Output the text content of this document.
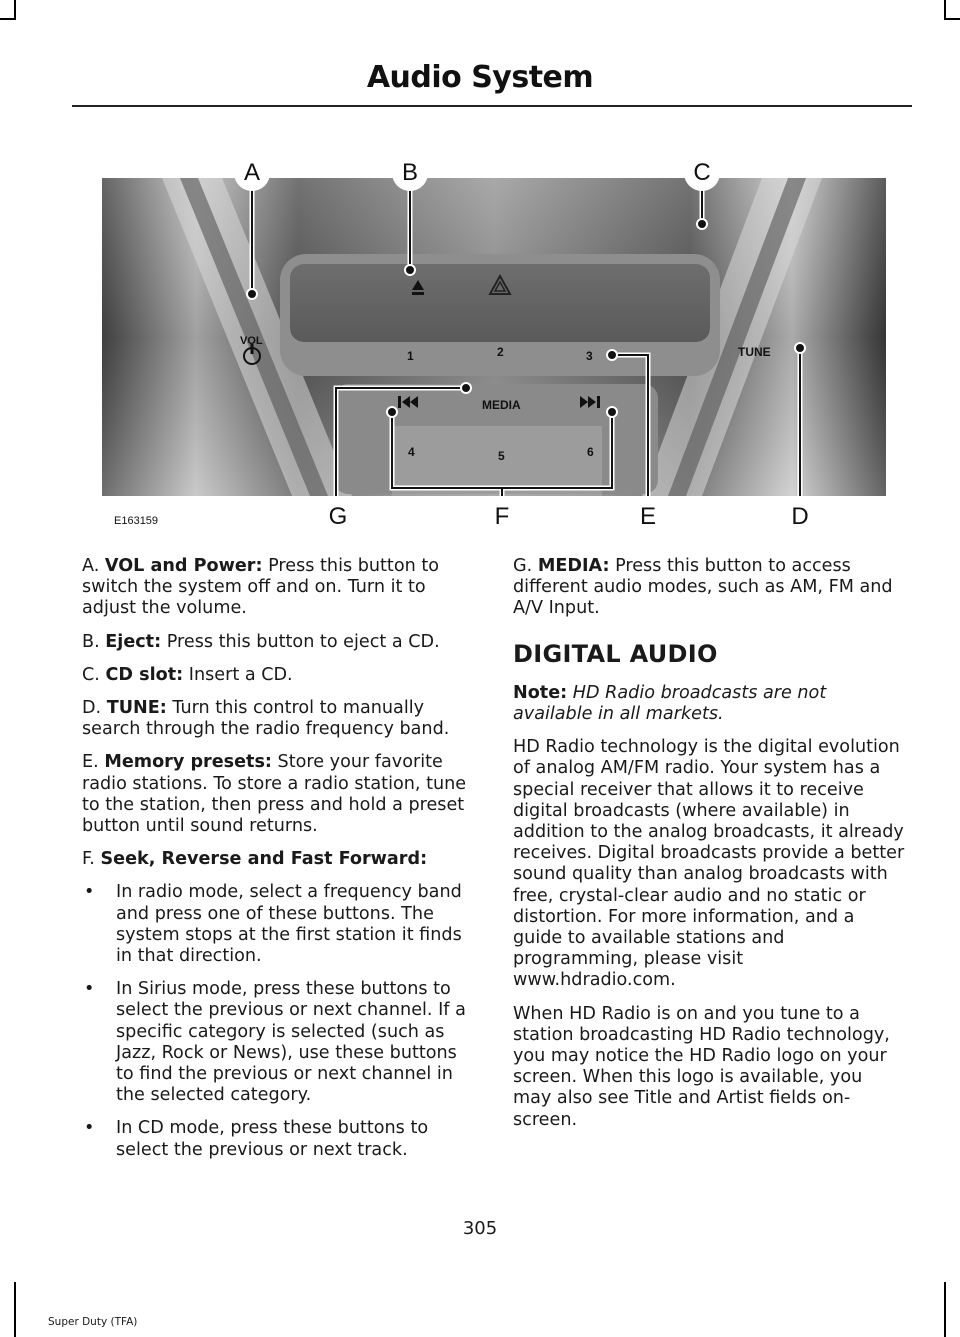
Audio System
VOL
TUNE
MEDIA
1	2	3
4	5	6
A	B	C
D
E
F
G
E163159

A. VOL and Power: Press this button to switch the system off and on. Turn it to adjust the volume.

B. Eject: Press this button to eject a CD.

C. CD slot: Insert a CD.

D. TUNE: Turn this control to manually search through the radio frequency band.

E. Memory presets: Store your favorite radio stations. To store a radio station, tune to the station, then press and hold a preset button until sound returns.

F. Seek, Reverse and Fast Forward:

• In radio mode, select a frequency band and press one of these buttons. The system stops at the first station it finds in that direction.
• In Sirius mode, press these buttons to select the previous or next channel. If a specific category is selected (such as Jazz, Rock or News), use these buttons to find the previous or next channel in the selected category.
• In CD mode, press these buttons to select the previous or next track.

G. MEDIA: Press this button to access different audio modes, such as AM, FM and A/V Input.

DIGITAL AUDIO

Note: HD Radio broadcasts are not available in all markets.

HD Radio technology is the digital evolution of analog AM/FM radio. Your system has a special receiver that allows it to receive digital broadcasts (where available) in addition to the analog broadcasts, it already receives. Digital broadcasts provide a better sound quality than analog broadcasts with free, crystal-clear audio and no static or distortion. For more information, and a guide to available stations and programming, please visit www.hdradio.com.

When HD Radio is on and you tune to a station broadcasting HD Radio technology, you may notice the HD Radio logo on your screen. When this logo is available, you may also see Title and Artist fields on-screen.

305
Super Duty (TFA)
